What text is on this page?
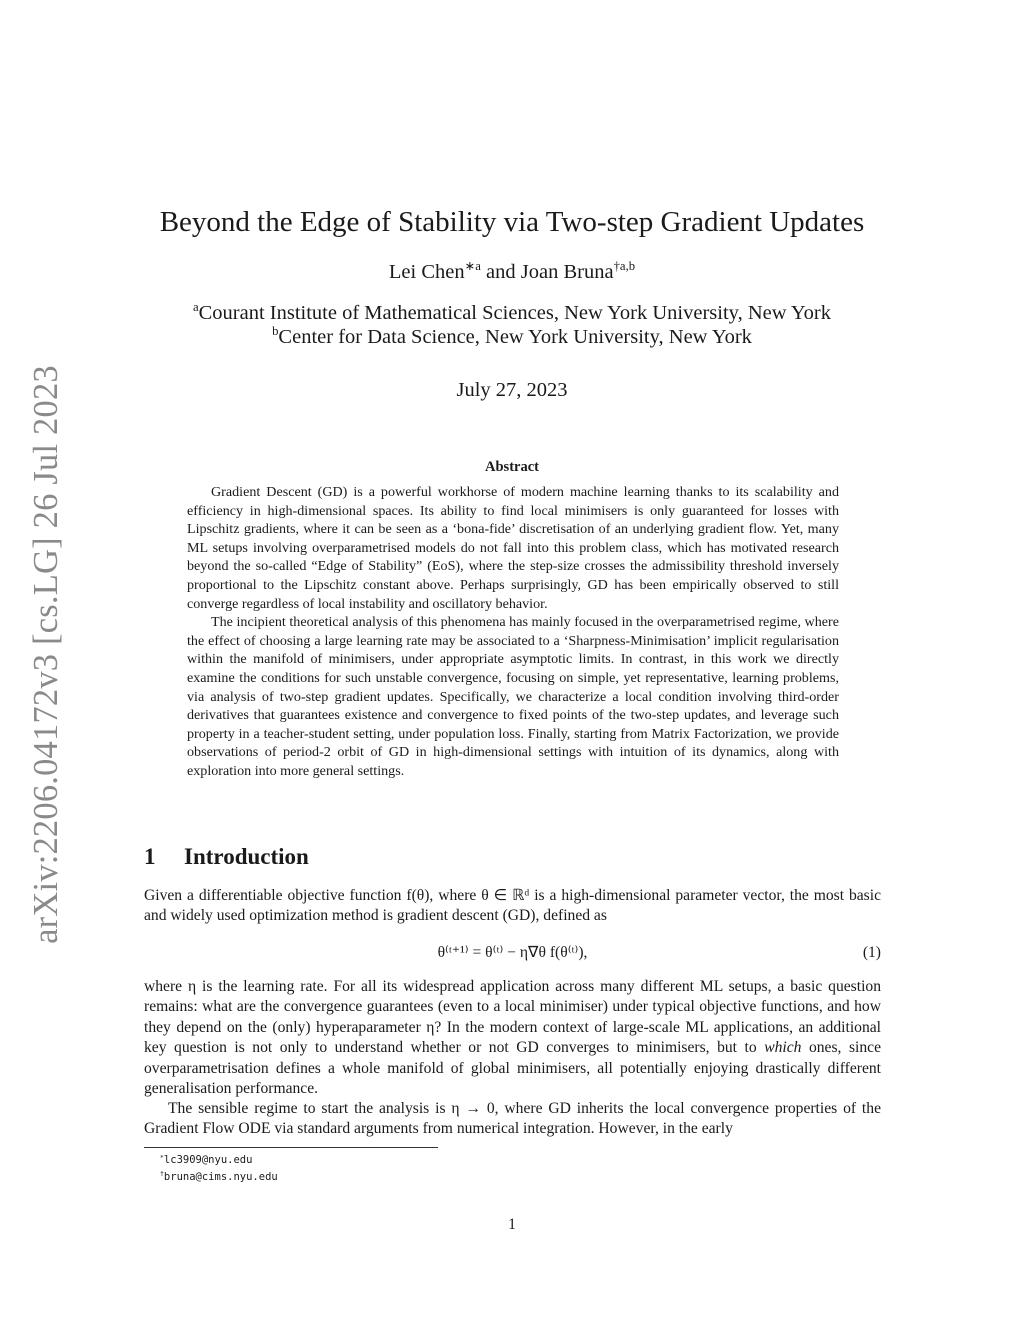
arXiv:2206.04172v3 [cs.LG] 26 Jul 2023
Beyond the Edge of Stability via Two-step Gradient Updates
Lei Chen$^{∗a}$ and Joan Bruna$^{\dagger a,b}$
$^a$Courant Institute of Mathematical Sciences, New York University, New York
$^b$Center for Data Science, New York University, New York
July 27, 2023
Abstract

Gradient Descent (GD) is a powerful workhorse of modern machine learning thanks to its scalability and efficiency in high-dimensional spaces. Its ability to find local minimisers is only guaranteed for losses with Lipschitz gradients, where it can be seen as a ‘bona-fide’ discretisation of an underlying gradient flow. Yet, many ML setups involving overparametrised models do not fall into this problem class, which has motivated research beyond the so-called “Edge of Stability” (EoS), where the step-size crosses the admissibility threshold inversely proportional to the Lipschitz constant above. Perhaps surprisingly, GD has been empirically observed to still converge regardless of local instability and oscillatory behavior.

The incipient theoretical analysis of this phenomena has mainly focused in the overparametrised regime, where the effect of choosing a large learning rate may be associated to a ‘Sharpness-Minimisation’ implicit regularisation within the manifold of minimisers, under appropriate asymptotic limits. In contrast, in this work we directly examine the conditions for such unstable convergence, focusing on simple, yet representative, learning problems, via analysis of two-step gradient updates. Specifically, we characterize a local condition involving third-order derivatives that guarantees existence and convergence to fixed points of the two-step updates, and leverage such property in a teacher-student setting, under population loss. Finally, starting from Matrix Factorization, we provide observations of period-2 orbit of GD in high-dimensional settings with intuition of its dynamics, along with exploration into more general settings.

1 Introduction

Given a differentiable objective function f(θ), where θ ∈ ℝᵈ is a high-dimensional parameter vector, the most basic and widely used optimization method is gradient descent (GD), defined as

θ⁽ᵗ⁺¹⁾ = θ⁽ᵗ⁾ − η∇θ f(θ⁽ᵗ⁾),	(1)

where η is the learning rate. For all its widespread application across many different ML setups, a basic question remains: what are the convergence guarantees (even to a local minimiser) under typical objective functions, and how they depend on the (only) hyperaparameter η? In the modern context of large-scale ML applications, an additional key question is not only to understand whether or not GD converges to minimisers, but to which ones, since overparametrisation defines a whole manifold of global minimisers, all potentially enjoying drastically different generalisation performance.

The sensible regime to start the analysis is η → 0, where GD inherits the local convergence properties of the Gradient Flow ODE via standard arguments from numerical integration. However, in the early

∗lc3909@nyu.edu
†bruna@cims.nyu.edu
1
